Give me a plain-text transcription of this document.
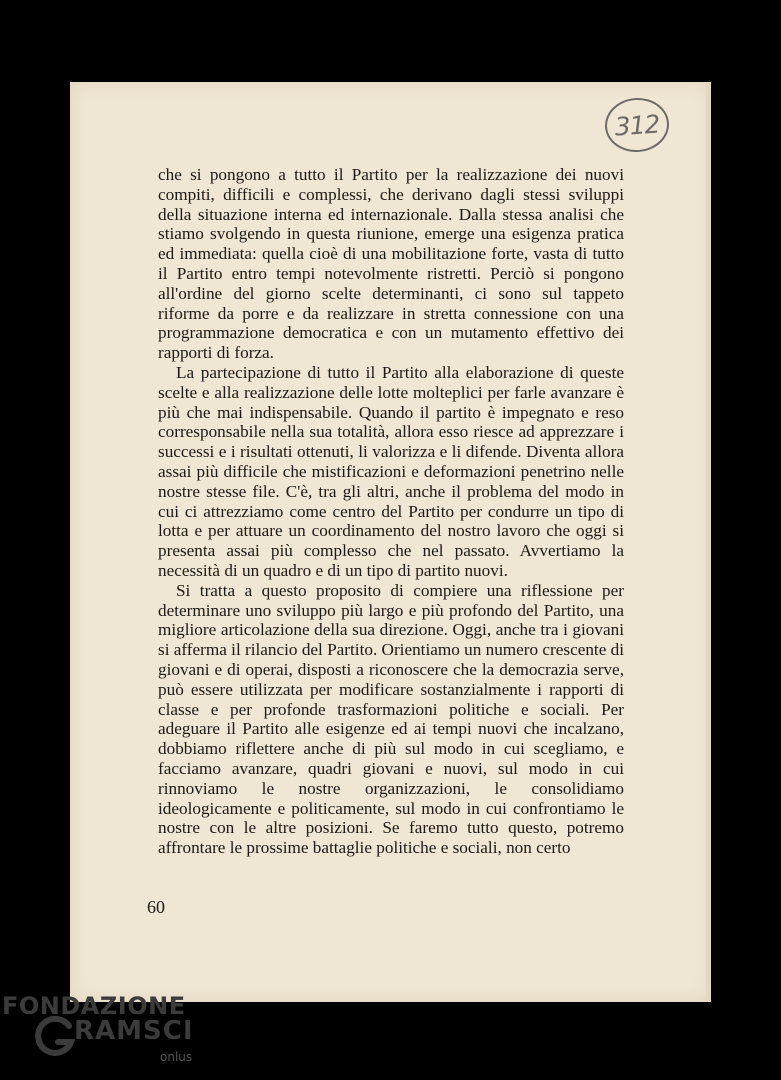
312

che si pongono a tutto il Partito per la realizzazione dei nuovi compiti, difficili e complessi, che derivano dagli stessi sviluppi della situazione interna ed internazionale. Dalla stessa analisi che stiamo svolgendo in questa riunione, emerge una esigenza pratica ed immediata: quella cioè di una mobilitazione forte, vasta di tutto il Partito entro tempi notevolmente ristretti. Perciò si pongono all'ordine del giorno scelte determinanti, ci sono sul tappeto riforme da porre e da realizzare in stretta connessione con una programmazione democratica e con un mutamento effettivo dei rapporti di forza.

La partecipazione di tutto il Partito alla elaborazione di queste scelte e alla realizzazione delle lotte molteplici per farle avanzare è più che mai indispensabile. Quando il partito è impegnato e reso corresponsabile nella sua totalità, allora esso riesce ad apprezzare i successi e i risultati ottenuti, li valorizza e li difende. Diventa allora assai più difficile che mistificazioni e deformazioni penetrino nelle nostre stesse file. C'è, tra gli altri, anche il problema del modo in cui ci attrezziamo come centro del Partito per condurre un tipo di lotta e per attuare un coordinamento del nostro lavoro che oggi si presenta assai più complesso che nel passato. Avvertiamo la necessità di un quadro e di un tipo di partito nuovi.

Si tratta a questo proposito di compiere una riflessione per determinare uno sviluppo più largo e più profondo del Partito, una migliore articolazione della sua direzione. Oggi, anche tra i giovani si afferma il rilancio del Partito. Orientiamo un numero crescente di giovani e di operai, disposti a riconoscere che la democrazia serve, può essere utilizzata per modificare sostanzialmente i rapporti di classe e per profonde trasformazioni politiche e sociali. Per adeguare il Partito alle esigenze ed ai tempi nuovi che incalzano, dobbiamo riflettere anche di più sul modo in cui scegliamo, e facciamo avanzare, quadri giovani e nuovi, sul modo in cui rinnoviamo le nostre organizzazioni, le consolidiamo ideologicamente e politicamente, sul modo in cui confrontiamo le nostre con le altre posizioni. Se faremo tutto questo, potremo affrontare le prossime battaglie politiche e sociali, non certo

60
FONDAZIONE
RAMSCI
onlus
